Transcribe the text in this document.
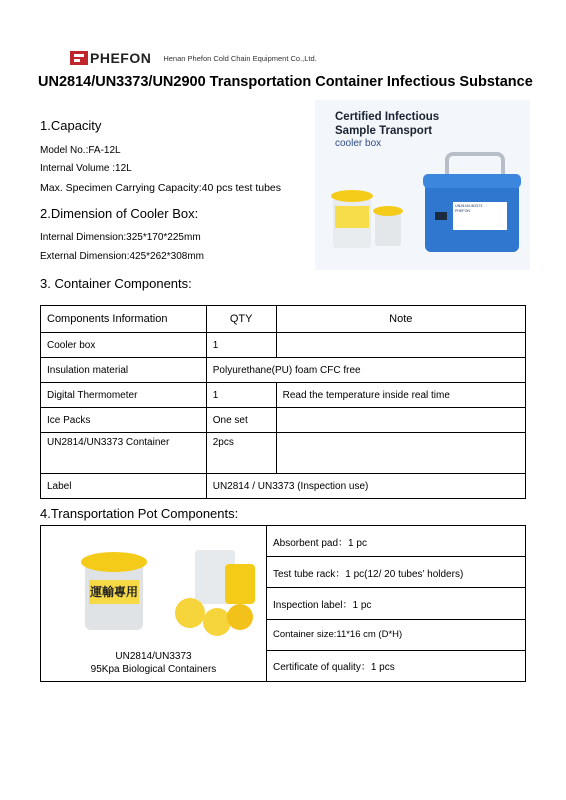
PHEFON Henan Phefon Cold Chain Equipment Co.,Ltd.
UN2814/UN3373/UN2900 Transportation Container Infectious Substance
1.Capacity
Model No.:FA-12L
Internal Volume :12L
Max. Specimen Carrying Capacity:40 pcs test tubes
2.Dimension of Cooler Box:
Internal Dimension:325*170*225mm
External Dimension:425*262*308mm
Certified Infectious
Sample Transport
cooler box
UN2814/UN3373
PHEFON
3. Container Components:
Components Information	QTY	Note
Cooler box	1	
Insulation material	Polyurethane(PU) foam CFC free	
Digital Thermometer	1	Read the temperature inside real time
Ice Packs	One set	
UN2814/UN3373 Container	2pcs	
Label	UN2814 / UN3373 (Inspection use)	
4.Transportation Pot Components:
運輸專用
UN2814/UN3373
95Kpa Biological Containers
	Absorbent pad：1 pc
Test tube rack：1 pc(12/ 20 tubes’ holders)
Inspection label：1 pc
Container size:11*16 cm (D*H)
Certificate of quality：1 pcs
